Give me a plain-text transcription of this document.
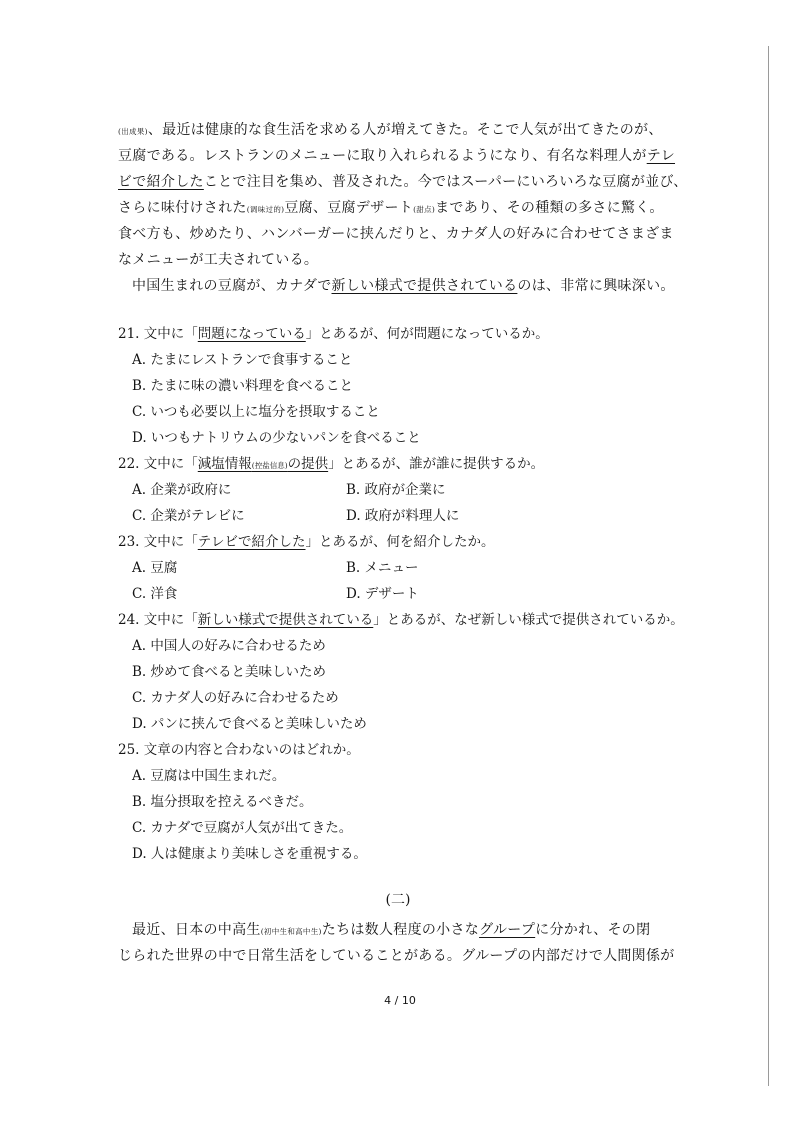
(出成果)、最近は健康的な食生活を求める人が増えてきた。そこで人気が出てきたのが、
豆腐である。レストランのメニューに取り入れられるようになり、有名な料理人がテレ
ビで紹介したことで注目を集め、普及された。今ではスーパーにいろいろな豆腐が並び、
さらに味付けされた(调味过的)豆腐、豆腐デザート(甜点)まであり、その種類の多さに驚く。
食べ方も、炒めたり、ハンバーガーに挟んだりと、カナダ人の好みに合わせてさまざま
なメニューが工夫されている。
中国生まれの豆腐が、カナダで新しい様式で提供されているのは、非常に興味深い。
21. 文中に「問題になっている」とあるが、何が問題になっているか。
A. たまにレストランで食事すること
B. たまに味の濃い料理を食べること
C. いつも必要以上に塩分を摂取すること
D. いつもナトリウムの少ないパンを食べること
22. 文中に「減塩情報(控盐信息)の提供」とあるが、誰が誰に提供するか。
A. 企業が政府に	B. 政府が企業に
C. 企業がテレビに	D. 政府が料理人に
23. 文中に「テレビで紹介した」とあるが、何を紹介したか。
A. 豆腐	B. メニュー
C. 洋食	D. デザート
24. 文中に「新しい様式で提供されている」とあるが、なぜ新しい様式で提供されているか。
A. 中国人の好みに合わせるため
B. 炒めて食べると美味しいため
C. カナダ人の好みに合わせるため
D. パンに挟んで食べると美味しいため
25. 文章の内容と合わないのはどれか。
A. 豆腐は中国生まれだ。
B. 塩分摂取を控えるべきだ。
C. カナダで豆腐が人気が出てきた。
D. 人は健康より美味しさを重視する。
(二)
最近、日本の中高生(初中生和高中生)たちは数人程度の小さなグループに分かれ、その閉
じられた世界の中で日常生活をしていることがある。グループの内部だけで人間関係が
4 / 10
